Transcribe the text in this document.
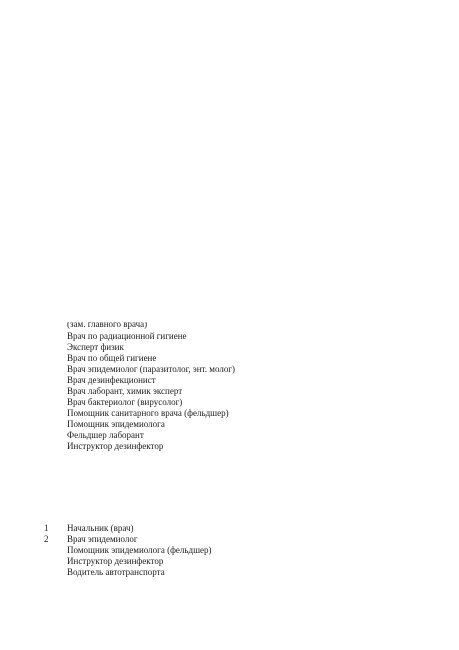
(зам. главного врача)
Врач по радиационной гигиене
Эксперт физик
Врач по общей гигиене
Врач эпидемиолог (паразитолог, энт. молог)
Врач дезинфекционист
Врач лаборант, химик эксперт
Врач бактериолог (вирусолог)
Помощник санитарного врача (фельдшер)
Помощник эпидемиолога
Фельдшер лаборант
Инструктор дезинфектор
1 Начальник (врач)
2 Врач эпидемиолог
Помощник эпидемиолога (фельдшер)
Инструктор дезинфектор
Водитель автотранспорта
